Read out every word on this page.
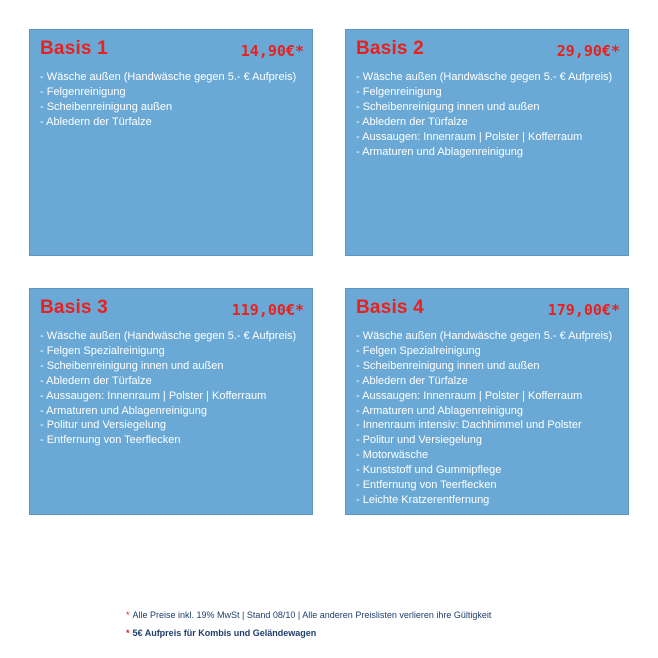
Basis 1	14,90€*
- Wäsche außen (Handwäsche gegen 5.- € Aufpreis)
- Felgenreinigung
- Scheibenreinigung außen
- Abledern der Türfalze
Basis 2	29,90€*
- Wäsche außen (Handwäsche gegen 5.- € Aufpreis)
- Felgenreinigung
- Scheibenreinigung innen und außen
- Abledern der Türfalze
- Aussaugen: Innenraum | Polster | Kofferraum
- Armaturen und Ablagenreinigung
Basis 3	119,00€*
- Wäsche außen (Handwäsche gegen 5.- € Aufpreis)
- Felgen Spezialreinigung
- Scheibenreinigung innen und außen
- Abledern der Türfalze
- Aussaugen: Innenraum | Polster | Kofferraum
- Armaturen und Ablagenreinigung
- Politur und Versiegelung
- Entfernung von Teerflecken
Basis 4	179,00€*
- Wäsche außen (Handwäsche gegen 5.- € Aufpreis)
- Felgen Spezialreinigung
- Scheibenreinigung innen und außen
- Abledern der Türfalze
- Aussaugen: Innenraum | Polster | Kofferraum
- Armaturen und Ablagenreinigung
- Innenraum intensiv: Dachhimmel und Polster
- Politur und Versiegelung
- Motorwäsche
- Kunststoff und Gummipflege
- Entfernung von Teerflecken
- Leichte Kratzerentfernung

* Alle Preise inkl. 19% MwSt | Stand 08/10 | Alle anderen Preislisten verlieren ihre Gültigkeit

* 5€ Aufpreis für Kombis und Geländewagen
